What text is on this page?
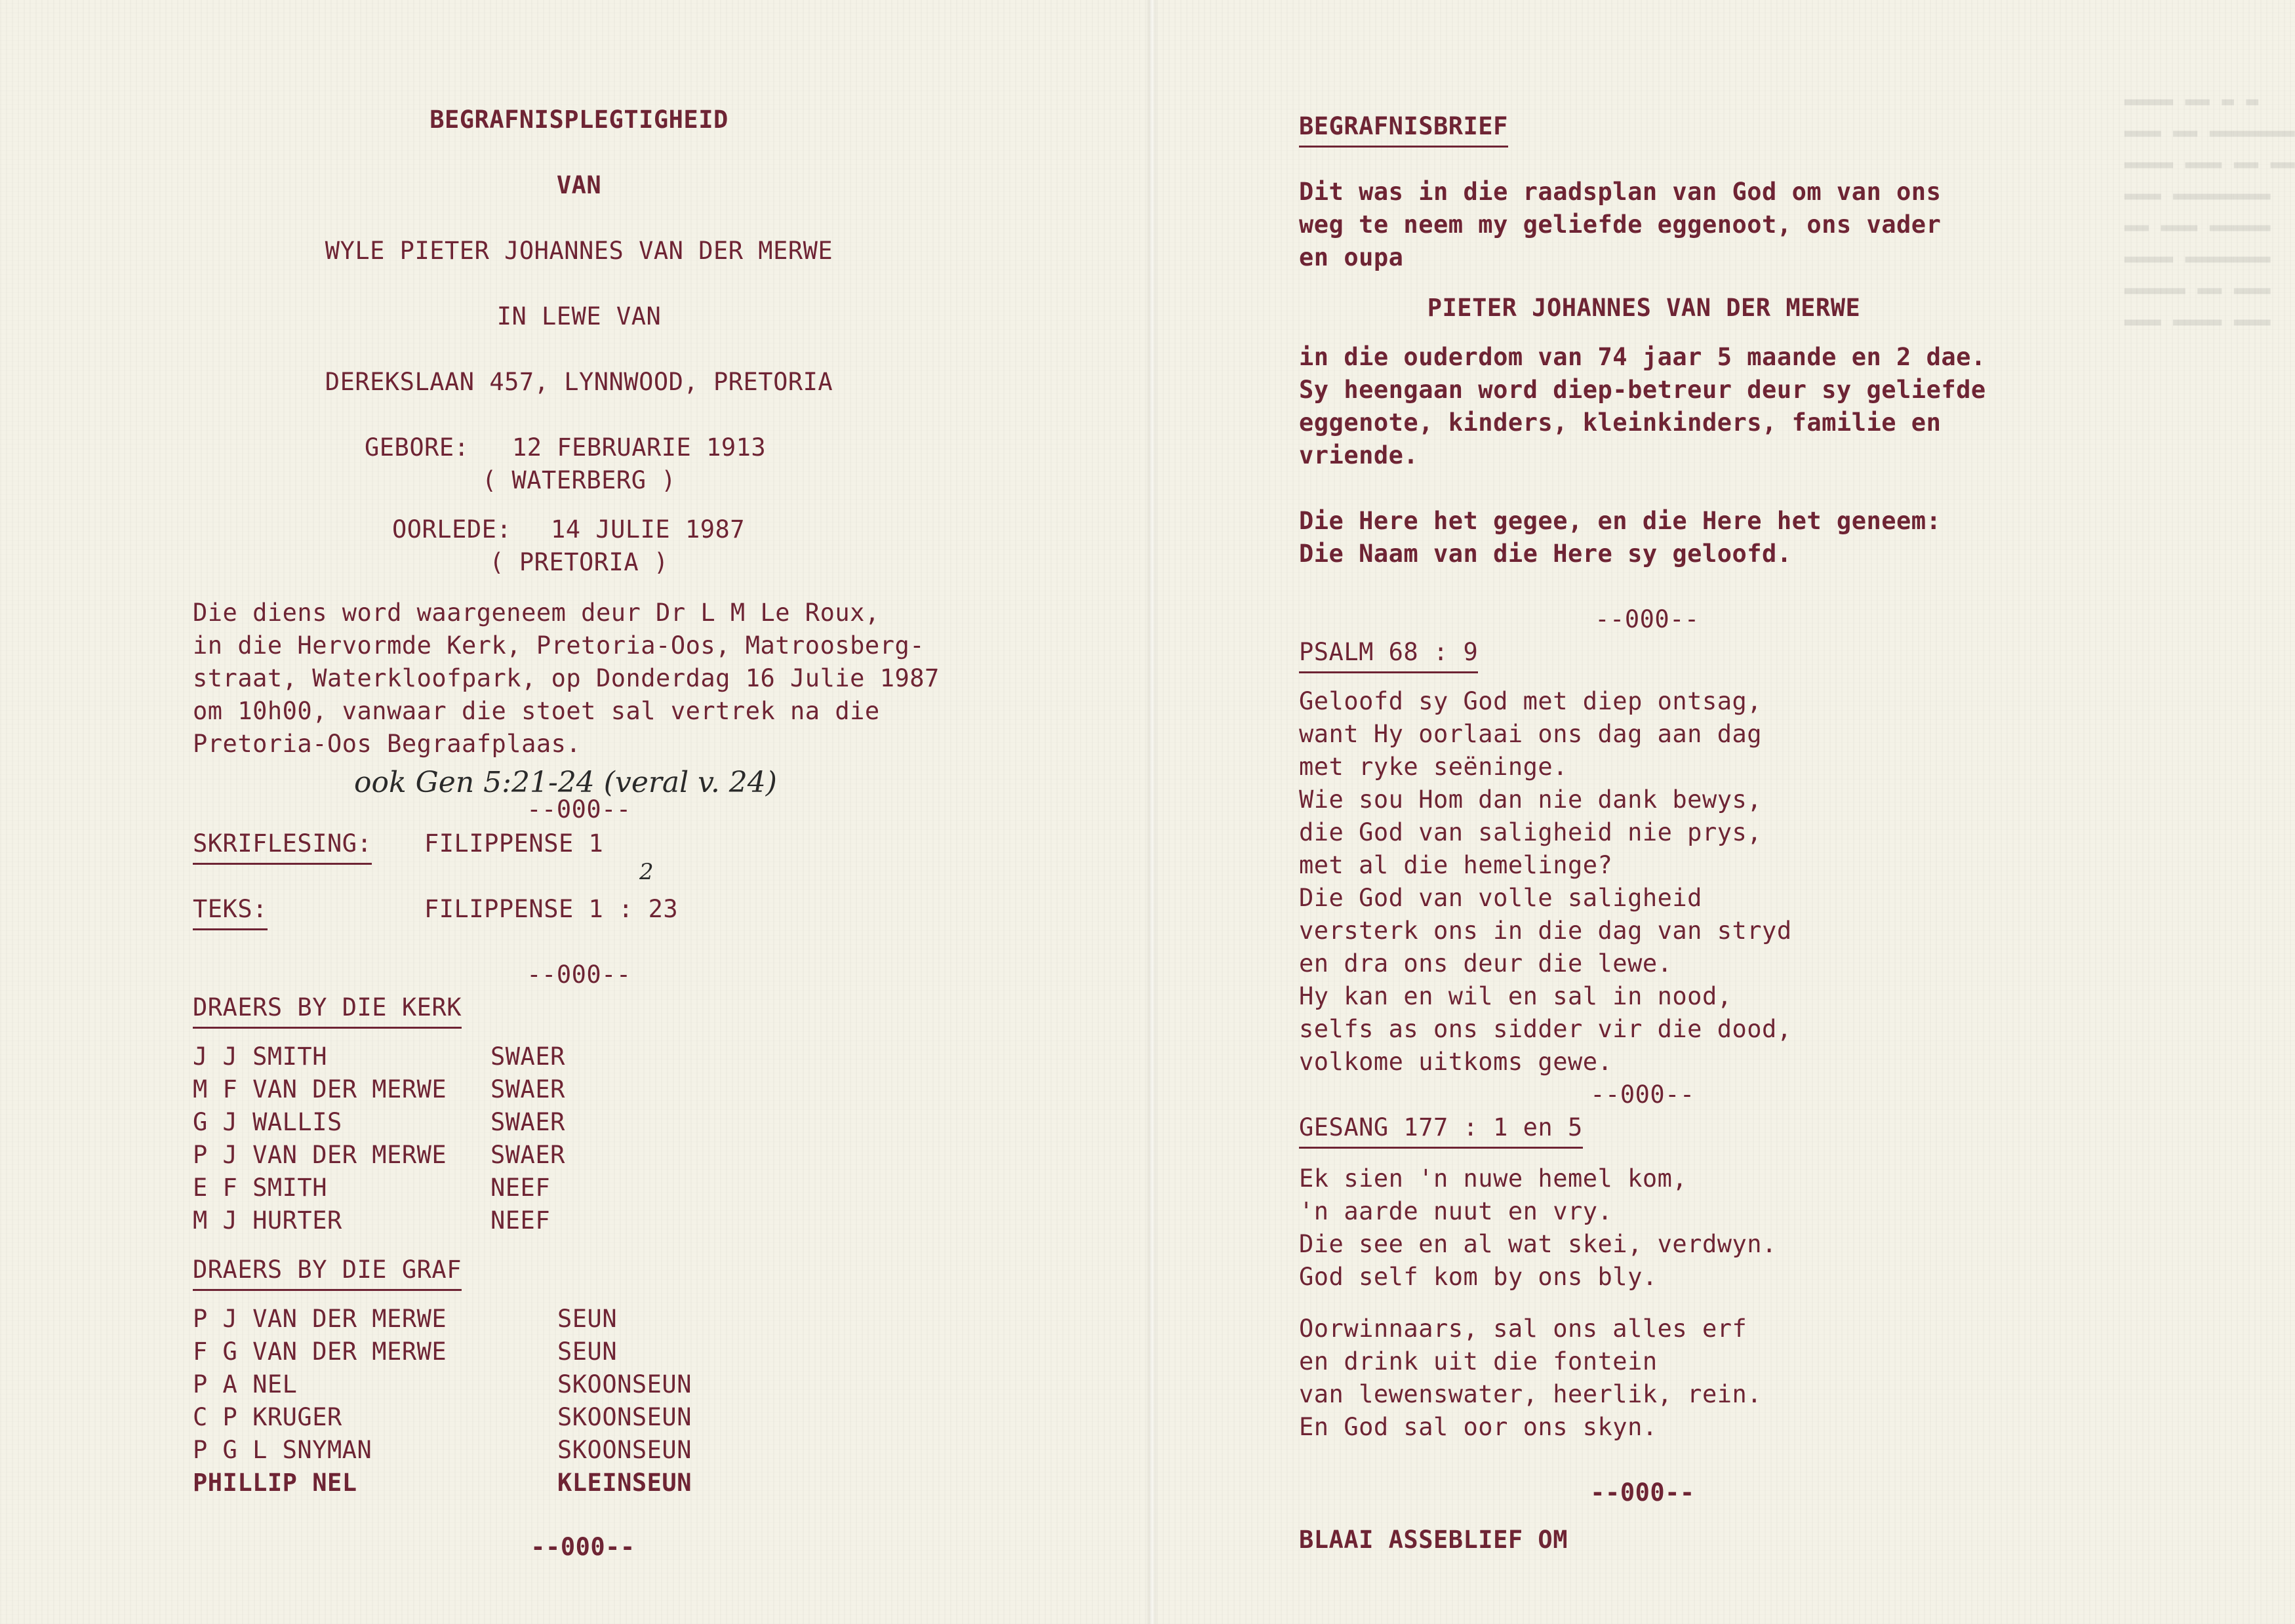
BEGRAFNISPLEGTIGHEID
VAN
WYLE PIETER JOHANNES VAN DER MERWE
IN LEWE VAN
DEREKSLAAN 457, LYNNWOOD, PRETORIA
GEBORE: 12 FEBRUARIE 1913
( WATERBERG )
OORLEDE: 14 JULIE 1987
( PRETORIA )
Die diens word waargeneem deur Dr L M Le Roux,
in die Hervormde Kerk, Pretoria-Oos, Matroosberg-
straat, Waterkloofpark, op Donderdag 16 Julie 1987
om 10h00, vanwaar die stoet sal vertrek na die
Pretoria-Oos Begraafplaas.
ook Gen 5:21-24 (veral v. 24)
--000--
SKRIFLESING: FILIPPENSE 1
2
TEKS:	FILIPPENSE 1 : 23
--000--
DRAERS BY DIE KERK
J J SMITH	SWAER
M F VAN DER MERWE SWAER
G J WALLIS	SWAER
P J VAN DER MERWE SWAER
E F SMITH	NEEF
M J HURTER	NEEF
DRAERS BY DIE GRAF
P J VAN DER MERWE	SEUN
F G VAN DER MERWE	SEUN
P A NEL	SKOONSEUN
C P KRUGER	SKOONSEUN
P G L SNYMAN	SKOONSEUN
PHILLIP NEL	KLEINSEUN
--000--
BEGRAFNISBRIEF
Dit was in die raadsplan van God om van ons
weg te neem my geliefde eggenoot, ons vader
en oupa
PIETER JOHANNES VAN DER MERWE
in die ouderdom van 74 jaar 5 maande en 2 dae.
Sy heengaan word diep-betreur deur sy geliefde
eggenote, kinders, kleinkinders, familie en
vriende.
Die Here het gegee, en die Here het geneem:
Die Naam van die Here sy geloofd.
--000--
PSALM 68 : 9
Geloofd sy God met diep ontsag,
want Hy oorlaai ons dag aan dag
met ryke seëninge.
Wie sou Hom dan nie dank bewys,
die God van saligheid nie prys,
met al die hemelinge?
Die God van volle saligheid
versterk ons in die dag van stryd
en dra ons deur die lewe.
Hy kan en wil en sal in nood,
selfs as ons sidder vir die dood,
volkome uitkoms gewe.
--000--
GESANG 177 : 1 en 5
Ek sien 'n nuwe hemel kom,
'n aarde nuut en vry.
Die see en al wat skei, verdwyn.
God self kom by ons bly.
Oorwinnaars, sal ons alles erf
en drink uit die fontein
van lewenswater, heerlik, rein.
En God sal oor ons skyn.
--000--
BLAAI ASSEBLIEF OM
▂▂▂▂ ▂▂ ▂ ▂
▂▂▂ ▂▂ ▂▂▂▂▂▂▂
▂▂▂▂ ▂▂▂ ▂▂ ▂▂
▂▂▂ ▂▂▂▂▂▂▂▂
▂▂ ▂▂▂ ▂▂▂▂▂
▂▂▂▂ ▂▂▂▂▂▂▂
▂▂▂▂▂ ▂▂ ▂▂▂
▂▂▂ ▂▂▂▂ ▂▂▂
